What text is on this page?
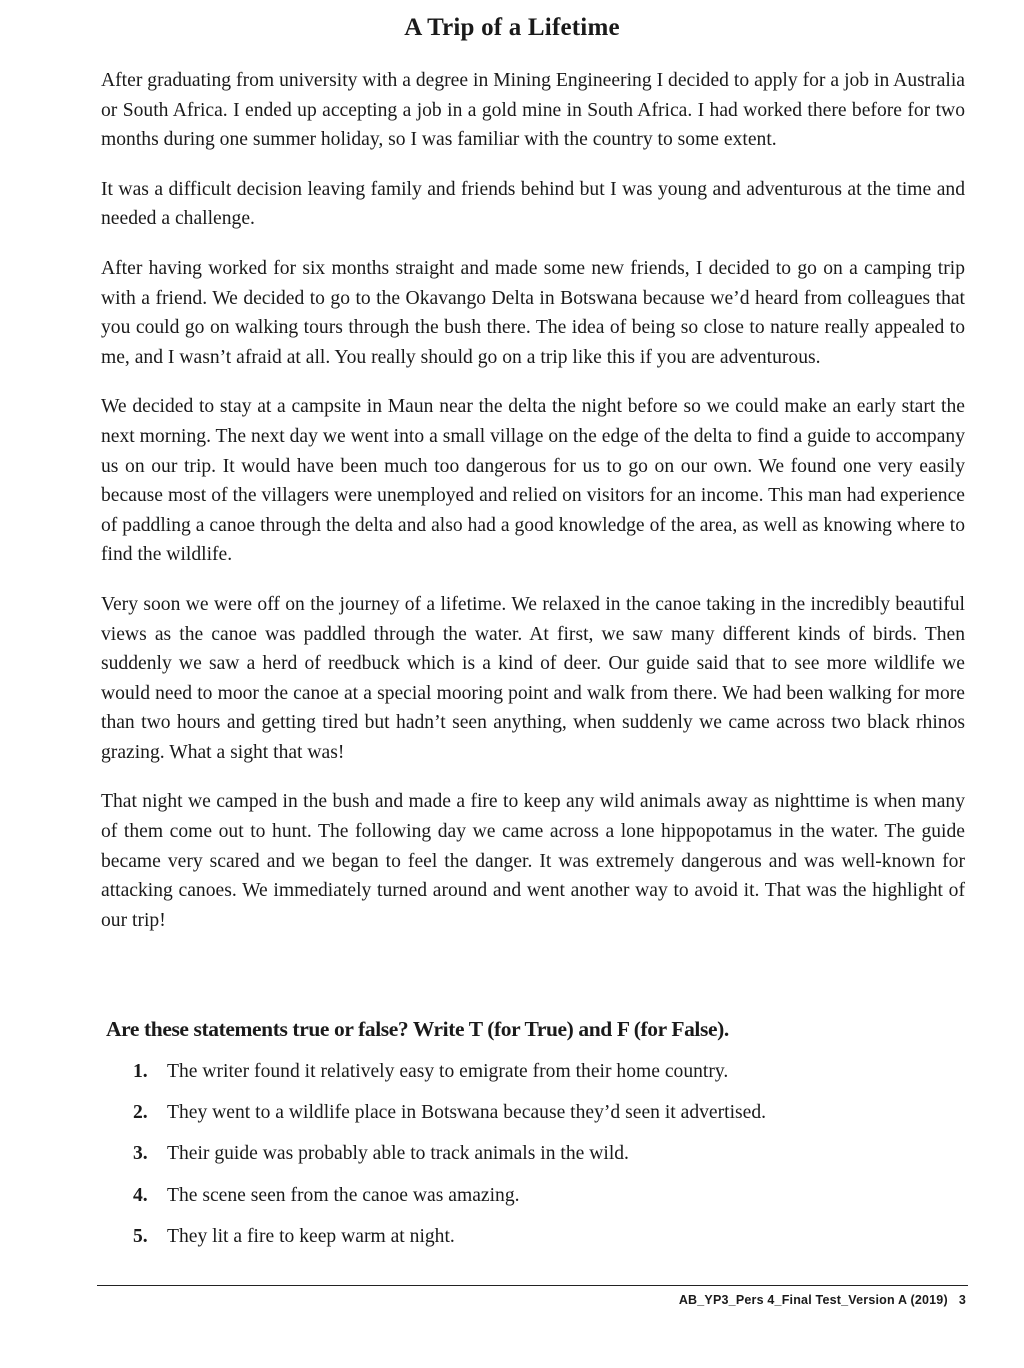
A Trip of a Lifetime

After graduating from university with a degree in Mining Engineering I decided to apply for a job in Australia or South Africa. I ended up accepting a job in a gold mine in South Africa. I had worked there before for two months during one summer holiday, so I was familiar with the country to some extent.

It was a difficult decision leaving family and friends behind but I was young and adventurous at the time and needed a challenge.

After having worked for six months straight and made some new friends, I decided to go on a camping trip with a friend. We decided to go to the Okavango Delta in Botswana because we’d heard from colleagues that you could go on walking tours through the bush there. The idea of being so close to nature really appealed to me, and I wasn’t afraid at all. You really should go on a trip like this if you are adventurous.

We decided to stay at a campsite in Maun near the delta the night before so we could make an early start the next morning. The next day we went into a small village on the edge of the delta to find a guide to accompany us on our trip. It would have been much too dangerous for us to go on our own. We found one very easily because most of the villagers were unemployed and relied on visitors for an income. This man had experience of paddling a canoe through the delta and also had a good knowledge of the area, as well as knowing where to find the wildlife.

Very soon we were off on the journey of a lifetime. We relaxed in the canoe taking in the incredibly beautiful views as the canoe was paddled through the water. At first, we saw many different kinds of birds. Then suddenly we saw a herd of reedbuck which is a kind of deer. Our guide said that to see more wildlife we would need to moor the canoe at a special mooring point and walk from there. We had been walking for more than two hours and getting tired but hadn’t seen anything, when suddenly we came across two black rhinos grazing. What a sight that was!

That night we camped in the bush and made a fire to keep any wild animals away as nighttime is when many of them come out to hunt. The following day we came across a lone hippopotamus in the water. The guide became very scared and we began to feel the danger. It was extremely dangerous and was well-known for attacking canoes. We immediately turned around and went another way to avoid it. That was the highlight of our trip!

Are these statements true or false? Write T (for True) and F (for False).
1. The writer found it relatively easy to emigrate from their home country.
2. They went to a wildlife place in Botswana because they’d seen it advertised.
3. Their guide was probably able to track animals in the wild.
4. The scene seen from the canoe was amazing.
5. They lit a fire to keep warm at night.
AB_YP3_Pers 4_Final Test_Version A (2019) 3
